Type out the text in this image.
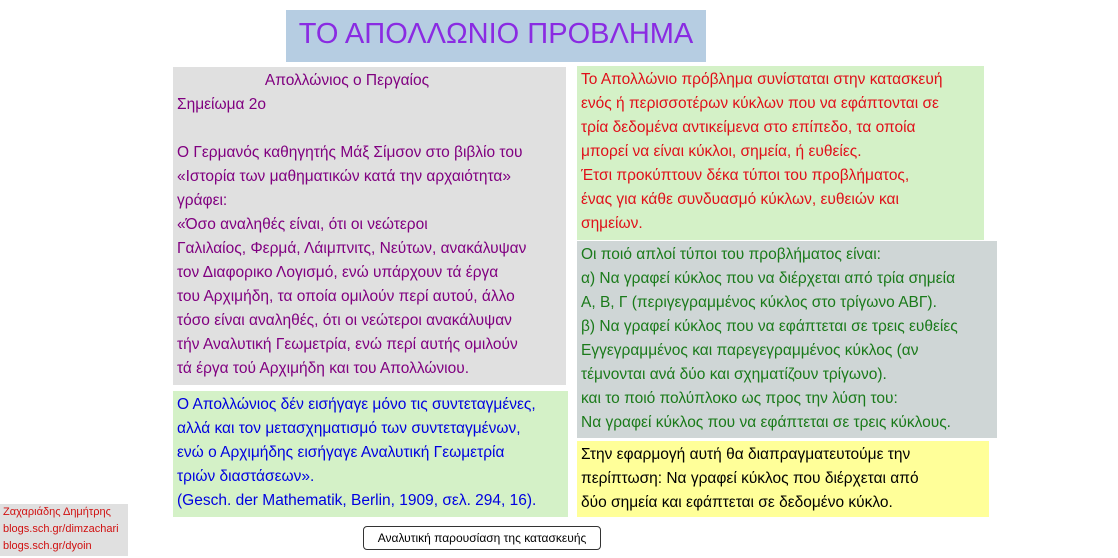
ΤΟ ΑΠΟΛΛΩΝΙΟ ΠΡΟΒΛΗΜΑ
Απολλώνιος ο Περγαίος
Σημείωμα 2ο

Ο Γερμανός καθηγητής Μάξ Σίμσον στο βιβλίο του
«Ιστορία των μαθηματικών κατά την αρχαιότητα»
γράφει:
«Όσο αναληθές είναι, ότι οι νεώτεροι
Γαλιλαίος, Φερμά, Λάιμπνιτς, Νεύτων, ανακάλυψαν
τον Διαφορικο Λογισμό, ενώ υπάρχουν τά έργα
του Αρχιμήδη, τα οποία ομιλούν περί αυτού, άλλο
τόσο είναι αναληθές, ότι οι νεώτεροι ανακάλυψαν
τήν Αναλυτική Γεωμετρία, ενώ περί αυτής ομιλούν
τά έργα τού Αρχιμήδη και του Απολλώνιου.
Ο Απολλώνιος δέν εισήγαγε μόνο τις συντεταγμένες,
αλλά και τον μετασχηματισμό των συντεταγμένων,
ενώ ο Αρχιμήδης εισήγαγε Αναλυτική Γεωμετρία
τριών διαστάσεων».
(Gesch. der Mathematik, Berlin, 1909, σελ. 294, 16).
Το Απολλώνιο πρόβλημα συνίσταται στην κατασκευή
ενός ή περισσοτέρων κύκλων που να εφάπτονται σε
τρία δεδομένα αντικείμενα στο επίπεδο, τα οποία
μπορεί να είναι κύκλοι, σημεία, ή ευθείες.
Έτσι προκύπτουν δέκα τύποι του προβλήματος,
ένας για κάθε συνδυασμό κύκλων, ευθειών και
σημείων.
Οι ποιό απλοί τύποι του προβλήματος είναι:
α) Να γραφεί κύκλος που να διέρχεται από τρία σημεία
Α, Β, Γ (περιγεγραμμένος κύκλος στο τρίγωνο ΑΒΓ).
β) Να γραφεί κύκλος που να εφάπτεται σε τρεις ευθείες
Εγγεγραμμένος και παρεγεγραμμένος κύκλος (αν
τέμνονται ανά δύο και σχηματίζουν τρίγωνο).
και το ποιό πολύπλοκο ως προς την λύση του:
Να γραφεί κύκλος που να εφάπτεται σε τρεις κύκλους.
Στην εφαρμογή αυτή θα διαπραγματευτούμε την
περίπτωση: Να γραφεί κύκλος που διέρχεται από
δύο σημεία και εφάπτεται σε δεδομένο κύκλο.
Ζαχαριάδης Δημήτρης
blogs.sch.gr/dimzachari
blogs.sch.gr/dyoin
Αναλυτική παρουσίαση της κατασκευής
